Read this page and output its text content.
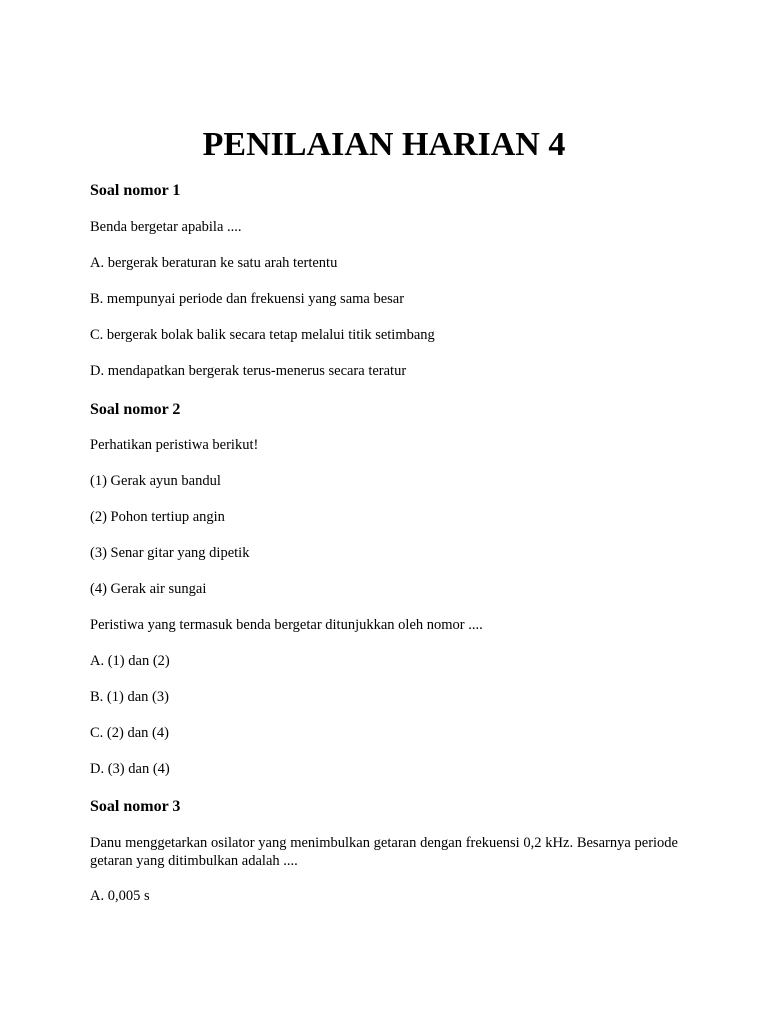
PENILAIAN HARIAN 4
Soal nomor 1
Benda bergetar apabila ....
A. bergerak beraturan ke satu arah tertentu
B. mempunyai periode dan frekuensi yang sama besar
C. bergerak bolak balik secara tetap melalui titik setimbang
D. mendapatkan bergerak terus-menerus secara teratur
Soal nomor 2
Perhatikan peristiwa berikut!
(1) Gerak ayun bandul
(2) Pohon tertiup angin
(3) Senar gitar yang dipetik
(4) Gerak air sungai
Peristiwa yang termasuk benda bergetar ditunjukkan oleh nomor ....
A. (1) dan (2)
B. (1) dan (3)
C. (2) dan (4)
D. (3) dan (4)
Soal nomor 3
Danu menggetarkan osilator yang menimbulkan getaran dengan frekuensi 0,2 kHz. Besarnya periode getaran yang ditimbulkan adalah ....
A. 0,005 s
